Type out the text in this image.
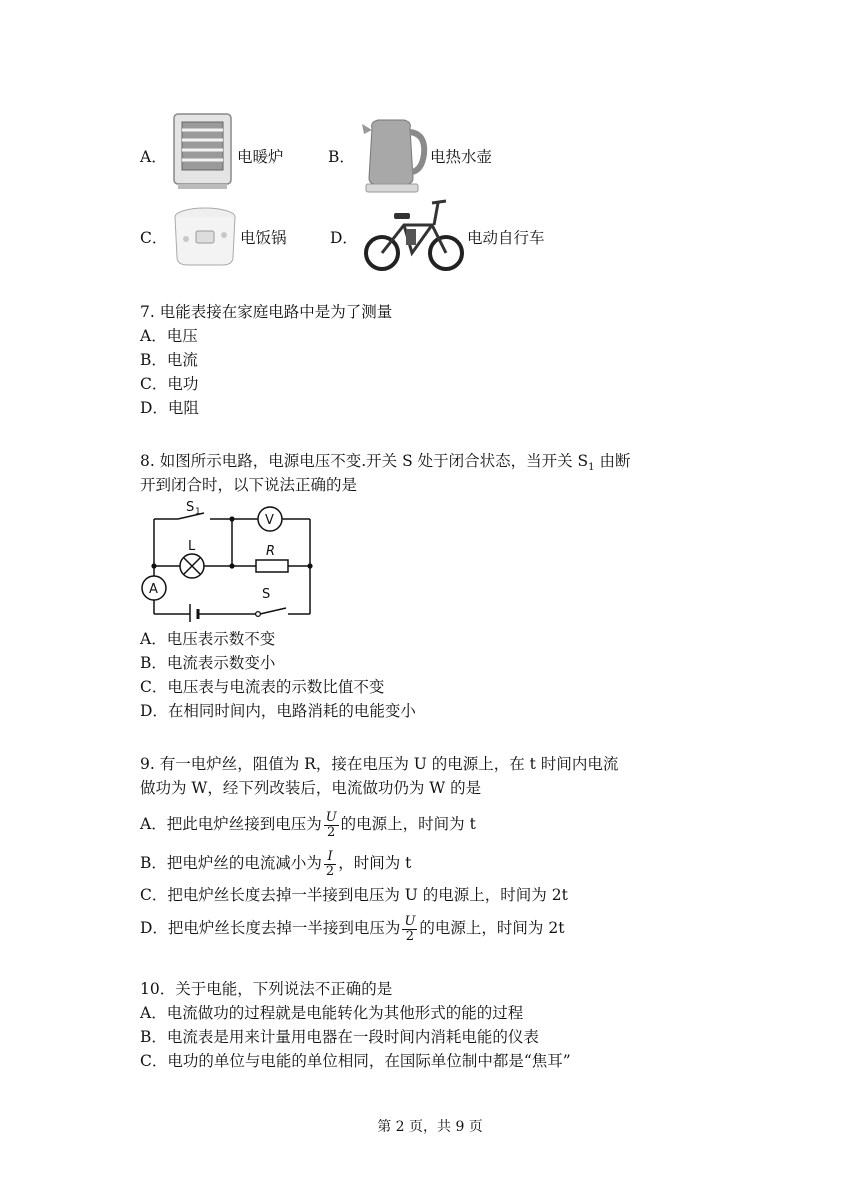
A．	电暖炉	B．	电热水壶
C．	电饭锅	D．	电动自行车
7. 电能表接在家庭电路中是为了测量
A．电压
B．电流
C．电功
D．电阻
8. 如图所示电路，电源电压不变.开关 S 处于闭合状态，当开关 $S_1$ 由断
开到闭合时，以下说法正确的是
S 1
V
L	R
A	S
A．电压表示数不变
B．电流表示数变小
C．电压表与电流表的示数比值不变
D．在相同时间内，电路消耗的电能变小
9. 有一电炉丝，阻值为 R，接在电压为 U 的电源上，在 t 时间内电流
做功为 W，经下列改装后，电流做功仍为 W 的是
A．把此电炉丝接到电压为 $\frac{U}{2}$ 的电源上，时间为 t
B．把电炉丝的电流减小为 $\frac{I}{2}$ ，时间为 t
C．把电炉丝长度去掉一半接到电压为 U 的电源上，时间为 2t
D．把电炉丝长度去掉一半接到电压为 $\frac{U}{2}$ 的电源上，时间为 2t
10．关于电能，下列说法不正确的是
A．电流做功的过程就是电能转化为其他形式的能的过程
B．电流表是用来计量用电器在一段时间内消耗电能的仪表
C．电功的单位与电能的单位相同，在国际单位制中都是“焦耳”
第 2 页，共 9 页
